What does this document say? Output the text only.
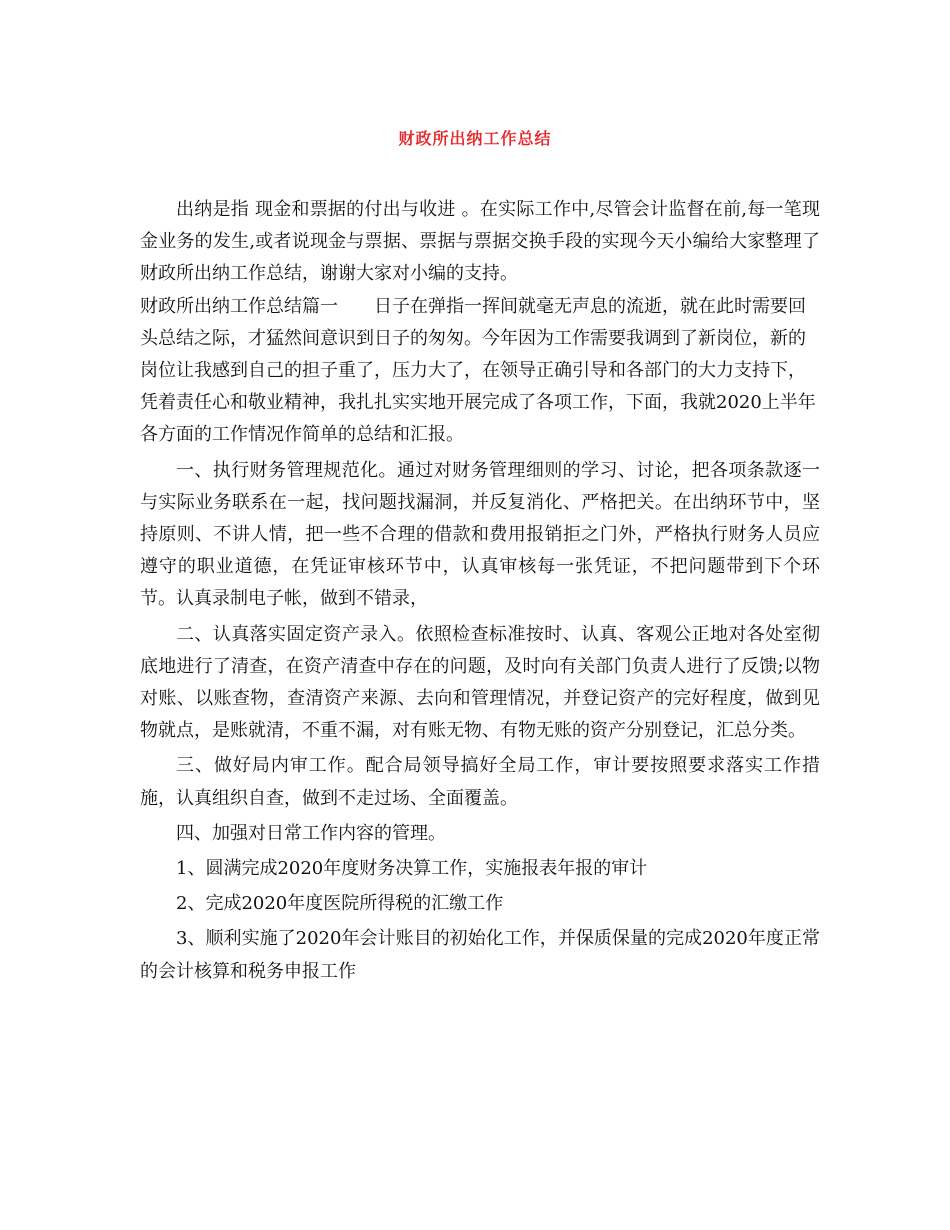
财政所出纳工作总结

出纳是指 现金和票据的付出与收进 。在实际工作中,尽管会计监督在前,每一笔现金业务的发生,或者说现金与票据、票据与票据交换手段的实现今天小编给大家整理了财政所出纳工作总结，谢谢大家对小编的支持。

财政所出纳工作总结篇一 日子在弹指一挥间就毫无声息的流逝，就在此时需要回头总结之际，才猛然间意识到日子的匆匆。今年因为工作需要我调到了新岗位，新的岗位让我感到自己的担子重了，压力大了，在领导正确引导和各部门的大力支持下，凭着责任心和敬业精神，我扎扎实实地开展完成了各项工作，下面，我就2020上半年各方面的工作情况作简单的总结和汇报。

一、执行财务管理规范化。通过对财务管理细则的学习、讨论，把各项条款逐一与实际业务联系在一起，找问题找漏洞，并反复消化、严格把关。在出纳环节中，坚持原则、不讲人情，把一些不合理的借款和费用报销拒之门外，严格执行财务人员应遵守的职业道德，在凭证审核环节中，认真审核每一张凭证，不把问题带到下个环节。认真录制电子帐，做到不错录，

二、认真落实固定资产录入。依照检查标准按时、认真、客观公正地对各处室彻底地进行了清查，在资产清查中存在的问题，及时向有关部门负责人进行了反馈;以物对账、以账查物，查清资产来源、去向和管理情况，并登记资产的完好程度，做到见物就点，是账就清，不重不漏，对有账无物、有物无账的资产分别登记，汇总分类。

三、做好局内审工作。配合局领导搞好全局工作，审计要按照要求落实工作措施，认真组织自查，做到不走过场、全面覆盖。

四、加强对日常工作内容的管理。

1、圆满完成2020年度财务决算工作，实施报表年报的审计

2、完成2020年度医院所得税的汇缴工作

3、顺利实施了2020年会计账目的初始化工作，并保质保量的完成2020年度正常的会计核算和税务申报工作
